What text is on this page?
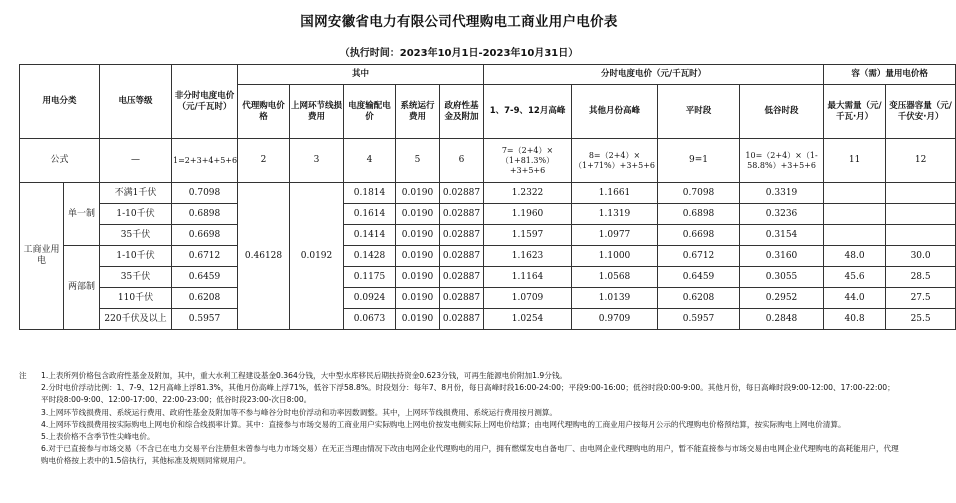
国网安徽省电力有限公司代理购电工商业用户电价表
（执行时间：2023年10月1日-2023年10月31日）
用电分类		电压等级	非分时电度电价（元/千瓦时）	其中					分时电度电价（元/千瓦时）				容（需）量用电价格	
				代理购电价格	上网环节线损费用	电度输配电价	系统运行费用	政府性基金及附加	1、7-9、12月高峰	其他月份高峰	平时段	低谷时段	最大需量（元/千瓦·月）	变压器容量（元/千伏安·月）
公式		—	1=2+3+4+5+6	2	3	4	5	6	7=（2+4）×（1+81.3%）+3+5+6	8=（2+4）×（1+71%）+3+5+6	9=1	10=（2+4）×（1-58.8%）+3+5+6	11	12
工商业用电	单一制	不满1千伏	0.7098	0.46128	0.0192	0.1814	0.0190	0.02887	1.2322	1.1661	0.7098	0.3319		
		1-10千伏	0.6898			0.1614	0.0190	0.02887	1.1960	1.1319	0.6898	0.3236		
		35千伏	0.6698			0.1414	0.0190	0.02887	1.1597	1.0977	0.6698	0.3154		
	两部制	1-10千伏	0.6712			0.1428	0.0190	0.02887	1.1623	1.1000	0.6712	0.3160	48.0	30.0
		35千伏	0.6459			0.1175	0.0190	0.02887	1.1164	1.0568	0.6459	0.3055	45.6	28.5
		110千伏	0.6208			0.0924	0.0190	0.02887	1.0709	1.0139	0.6208	0.2952	44.0	27.5
		220千伏及以上	0.5957			0.0673	0.0190	0.02887	1.0254	0.9709	0.5957	0.2848	40.8	25.5
注 1.上表所列价格包含政府性基金及附加，其中，重大水利工程建设基金0.364分钱，大中型水库移民后期扶持资金0.623分钱，可再生能源电价附加1.9分钱。
2.分时电价浮动比例：1、7-9、12月高峰上浮81.3%，其他月份高峰上浮71%，低谷下浮58.8%。时段划分：每年7、8月份，每日高峰时段16:00-24:00；平段9:00-16:00；低谷时段0:00-9:00。其他月份，每日高峰时段9:00-12:00、17:00-22:00；平时段8:00-9:00、12:00-17:00、22:00-23:00；低谷时段23:00-次日8:00。
3.上网环节线损费用、系统运行费用、政府性基金及附加等不参与峰谷分时电价浮动和功率因数调整。其中，上网环节线损费用、系统运行费用按月测算。
4.上网环节线损费用按实际购电上网电价和综合线损率计算。其中：直接参与市场交易的工商业用户实际购电上网电价按发电侧实际上网电价结算；由电网代理购电的工商业用户按每月公示的代理购电价格预结算，按实际购电上网电价清算。
5.上表价格不含季节性尖峰电价。
6.对于已直接参与市场交易（不含已在电力交易平台注册但未曾参与电力市场交易）在无正当理由情况下改由电网企业代理购电的用户，拥有燃煤发电自备电厂、由电网企业代理购电的用户，暂不能直接参与市场交易由电网企业代理购电的高耗能用户，代理购电价格按上表中的1.5倍执行，其他标准及规则同常规用户。
